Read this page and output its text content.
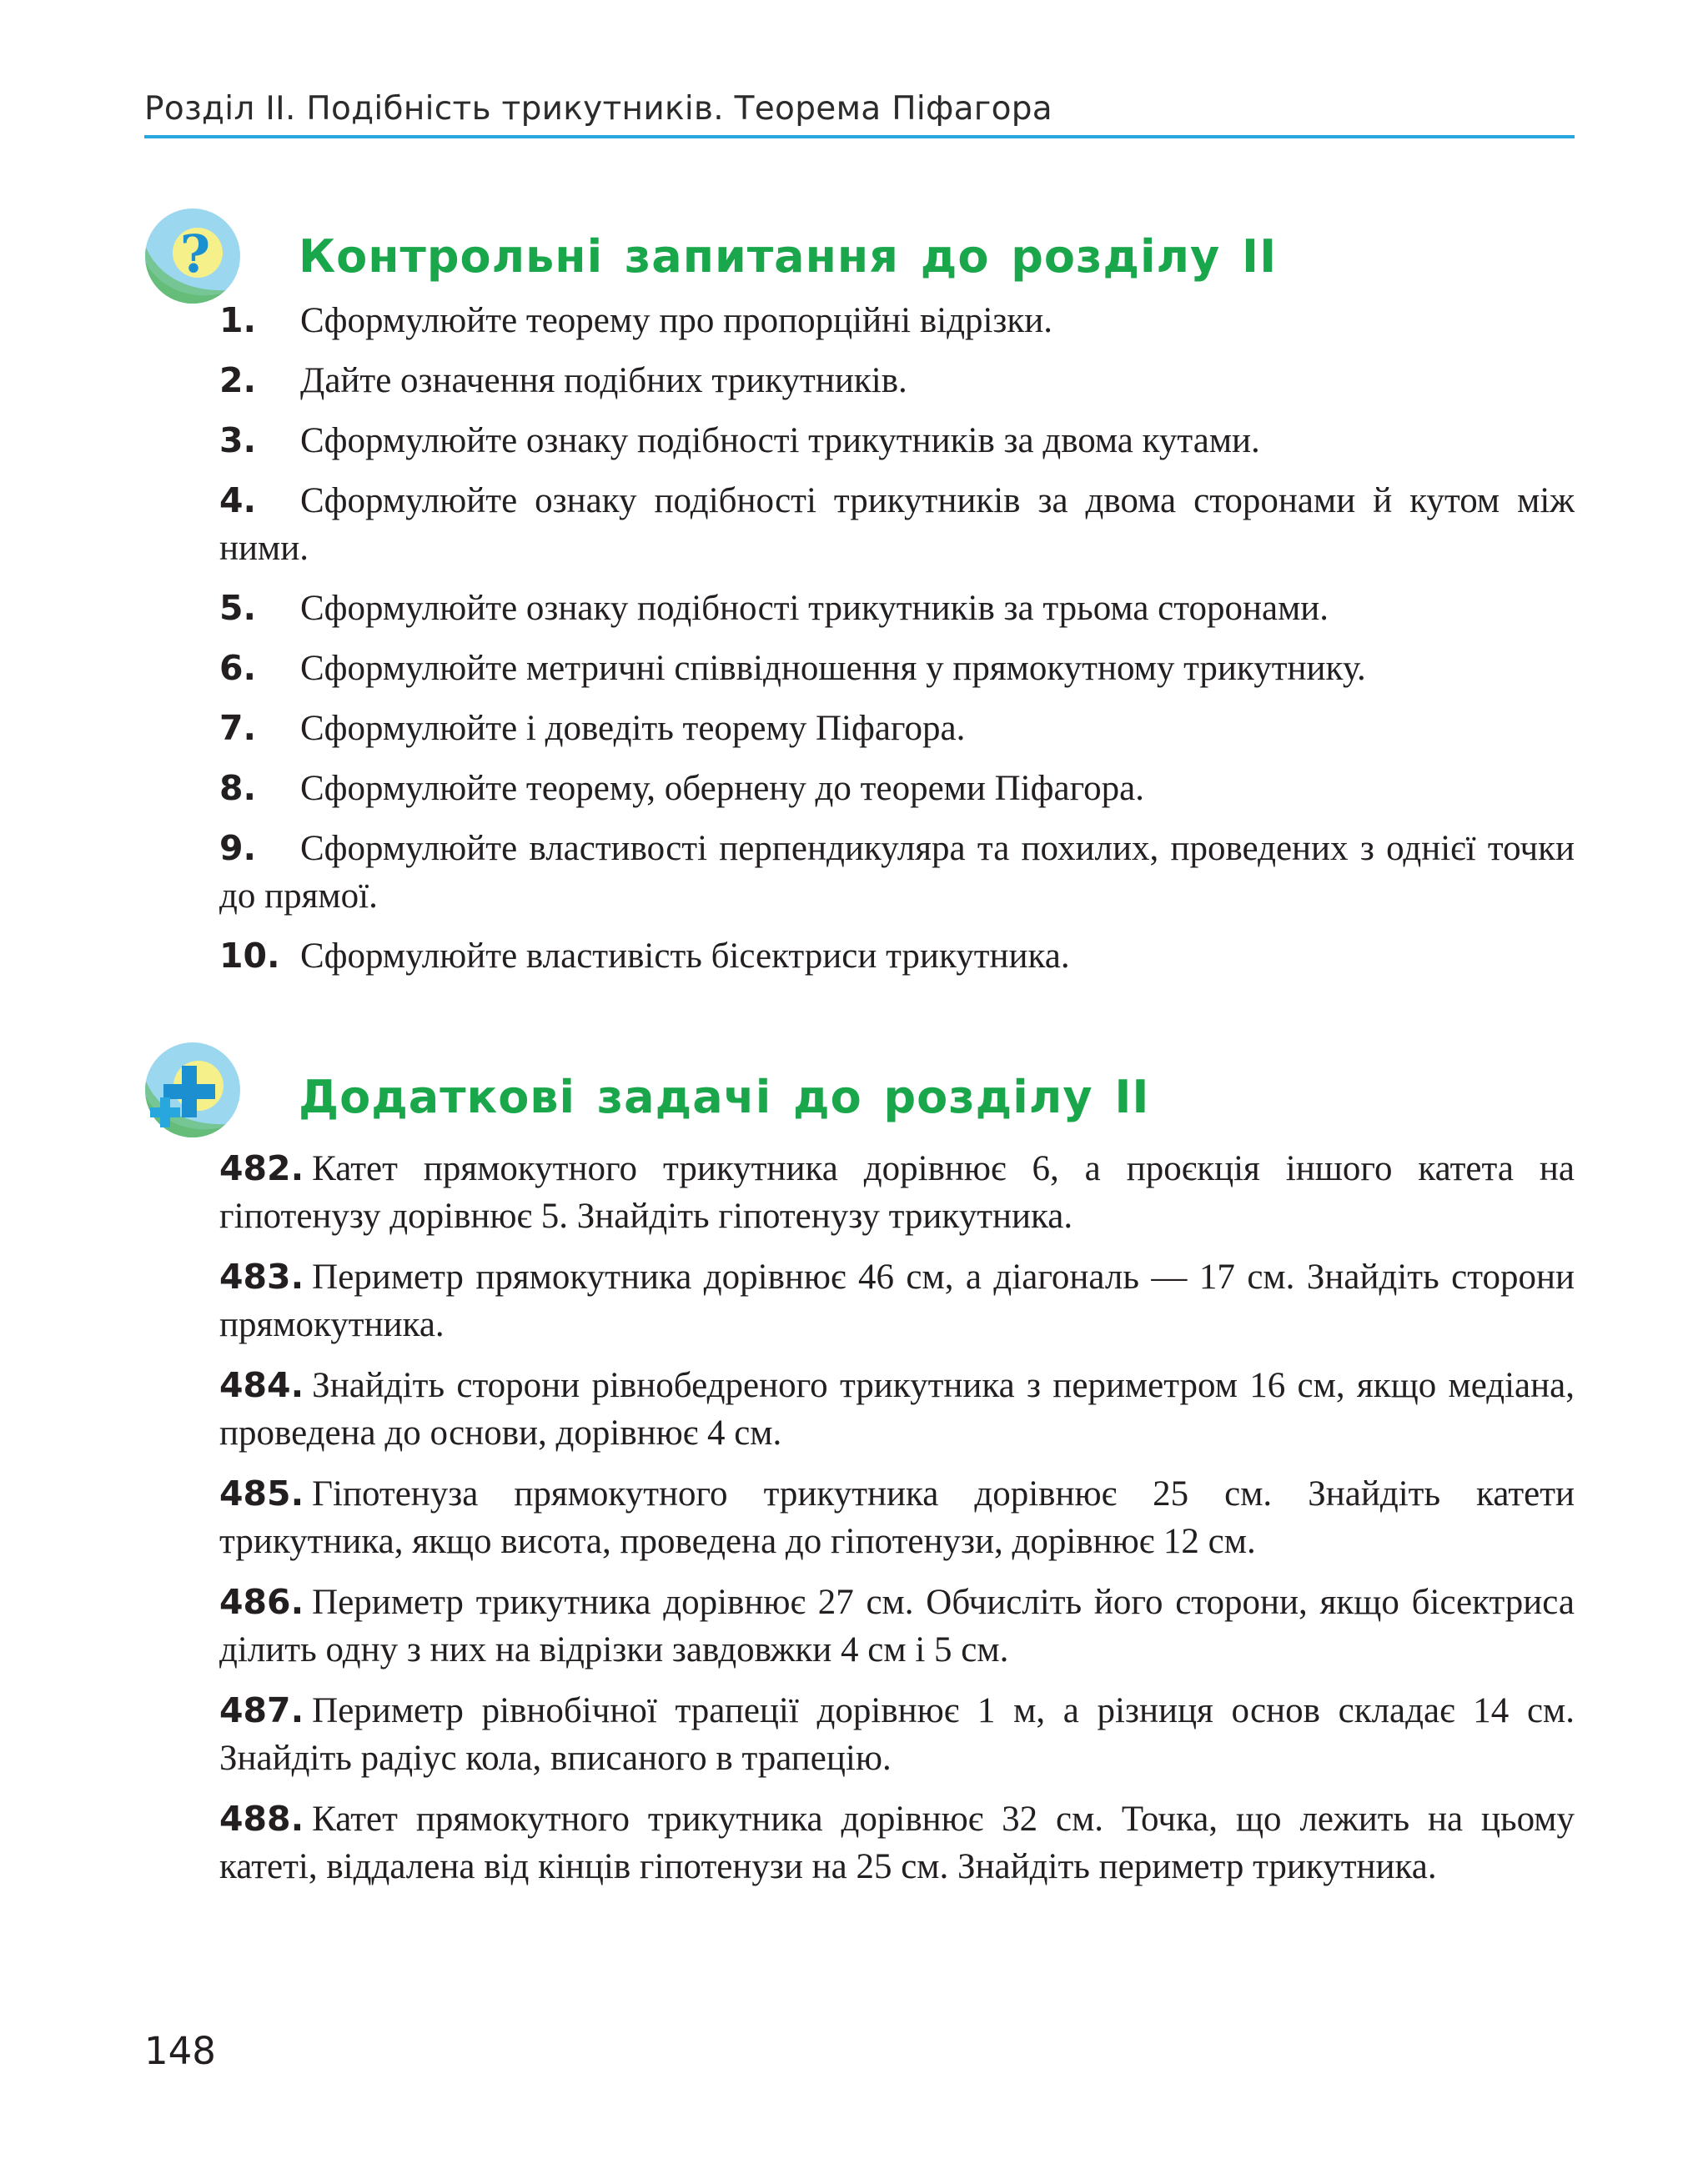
Розділ II. Подібність трикутників. Теорема Піфагора
? Контрольні запитання до розділу II
1. Сформулюйте теорему про пропорційні відрізки.
2. Дайте означення подібних трикутників.
3. Сформулюйте ознаку подібності трикутників за двома кутами.
4. Сформулюйте ознаку подібності трикутників за двома сторонами й кутом між ними.
5. Сформулюйте ознаку подібності трикутників за трьома сторонами.
6. Сформулюйте метричні співвідношення у прямокутному трикутнику.
7. Сформулюйте і доведіть теорему Піфагора.
8. Сформулюйте теорему, обернену до теореми Піфагора.
9. Сформулюйте властивості перпендикуляра та похилих, проведених з однієї точки до прямої.
10. Сформулюйте властивість бісектриси трикутника.
Додаткові задачі до розділу II
482. Катет прямокутного трикутника дорівнює 6, а проєкція іншого катета на гіпотенузу дорівнює 5. Знайдіть гіпотенузу трикутника.
483. Периметр прямокутника дорівнює 46 см, а діагональ — 17 см. Знайдіть сторони прямокутника.
484. Знайдіть сторони рівнобедреного трикутника з периметром 16 см, якщо медіана, проведена до основи, дорівнює 4 см.
485. Гіпотенуза прямокутного трикутника дорівнює 25 см. Знайдіть катети трикутника, якщо висота, проведена до гіпотенузи, дорівнює 12 см.
486. Периметр трикутника дорівнює 27 см. Обчисліть його сторони, якщо бісектриса ділить одну з них на відрізки завдовжки 4 см і 5 см.
487. Периметр рівнобічної трапеції дорівнює 1 м, а різниця основ складає 14 см. Знайдіть радіус кола, вписаного в трапецію.
488. Катет прямокутного трикутника дорівнює 32 см. Точка, що лежить на цьому катеті, віддалена від кінців гіпотенузи на 25 см. Знайдіть периметр трикутника.
148
